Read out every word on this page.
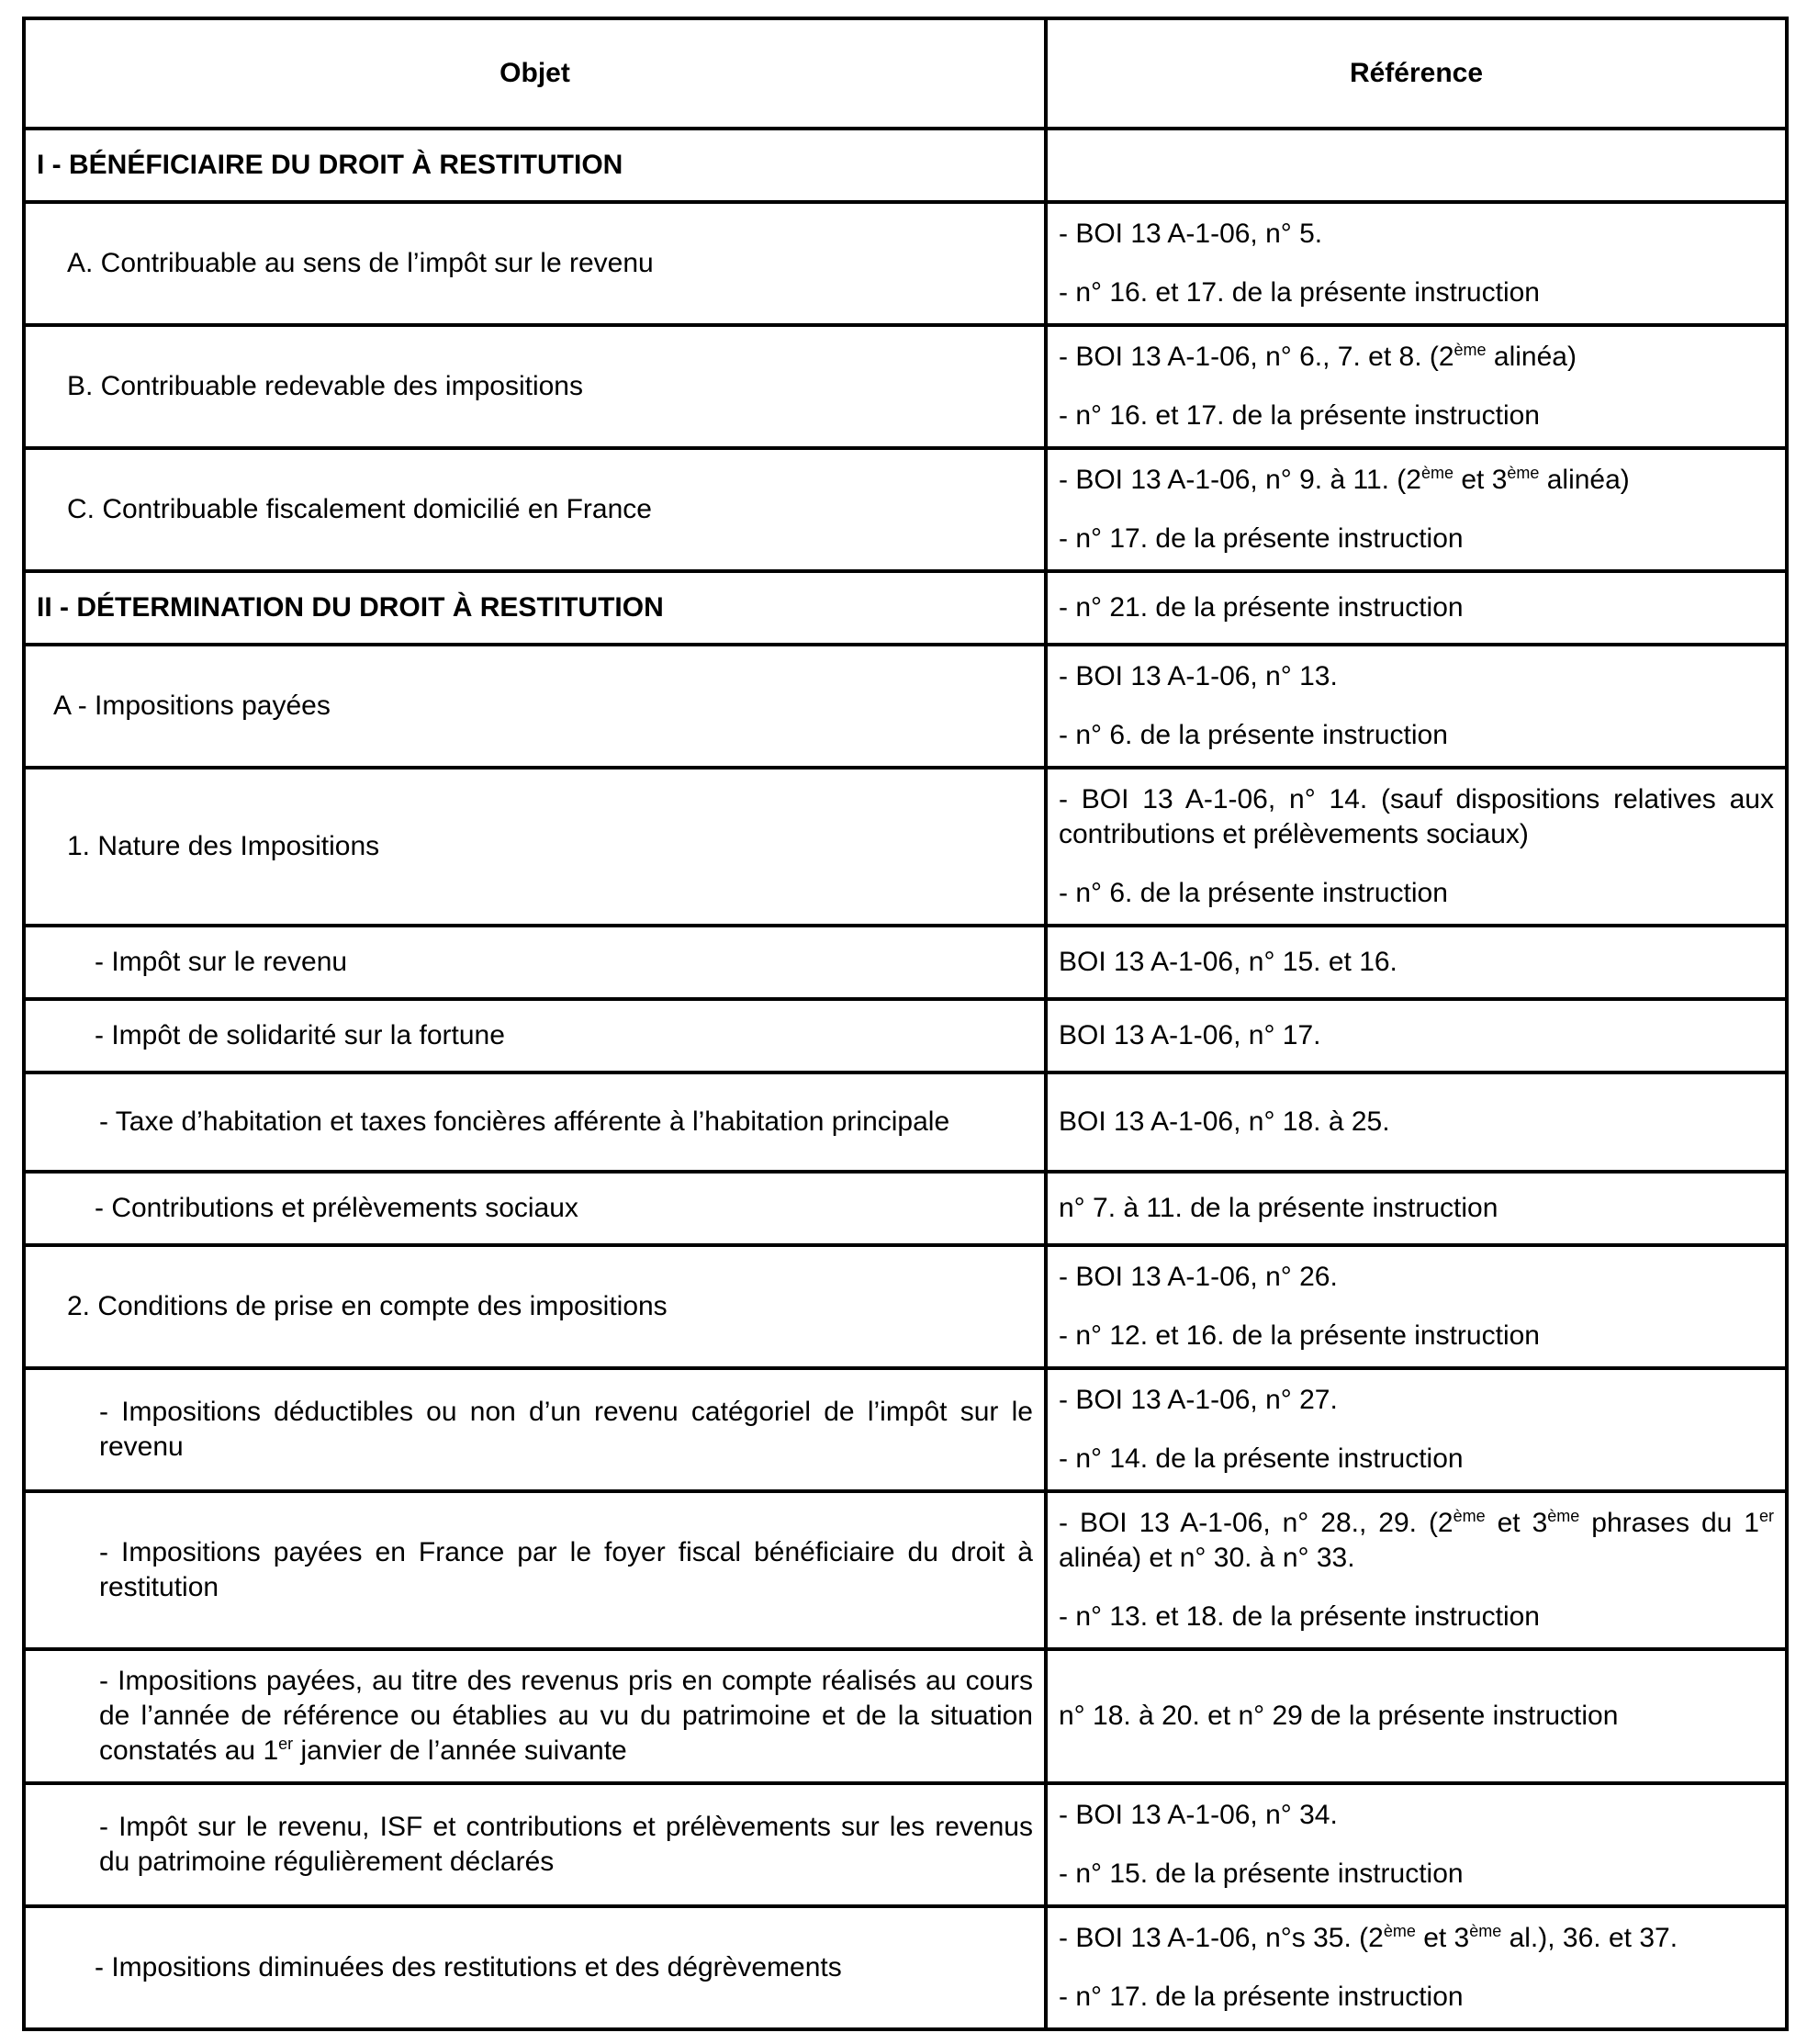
Objet	Référence
I - BÉNÉFICIAIRE DU DROIT À RESTITUTION	
A. Contribuable au sens de l’impôt sur le revenu	- BOI 13 A-1-06, n° 5.

- n° 16. et 17. de la présente instruction

B. Contribuable redevable des impositions	- BOI 13 A-1-06, n° 6., 7. et 8. (2ème alinéa)

- n° 16. et 17. de la présente instruction

C. Contribuable fiscalement domicilié en France	- BOI 13 A-1-06, n° 9. à 11. (2ème et 3ème alinéa)

- n° 17. de la présente instruction

II - DÉTERMINATION DU DROIT À RESTITUTION	- n° 21. de la présente instruction

A - Impositions payées	- BOI 13 A-1-06, n° 13.

- n° 6. de la présente instruction

1. Nature des Impositions	- BOI 13 A-1-06, n° 14. (sauf dispositions relatives aux contributions et prélèvements sociaux)

- n° 6. de la présente instruction

- Impôt sur le revenu	BOI 13 A-1-06, n° 15. et 16.

- Impôt de solidarité sur la fortune	BOI 13 A-1-06, n° 17.

- Taxe d’habitation et taxes foncières afférente à l’habitation principale	BOI 13 A-1-06, n° 18. à 25.

- Contributions et prélèvements sociaux	n° 7. à 11. de la présente instruction

2. Conditions de prise en compte des impositions	- BOI 13 A-1-06, n° 26.

- n° 12. et 16. de la présente instruction

- Impositions déductibles ou non d’un revenu catégoriel de l’impôt sur le revenu	- BOI 13 A-1-06, n° 27.

- n° 14. de la présente instruction

- Impositions payées en France par le foyer fiscal bénéficiaire du droit à restitution	- BOI 13 A-1-06, n° 28., 29. (2ème et 3ème phrases du 1er alinéa) et n° 30. à n° 33.

- n° 13. et 18. de la présente instruction

- Impositions payées, au titre des revenus pris en compte réalisés au cours de l’année de référence ou établies au vu du patrimoine et de la situation constatés au 1er janvier de l’année suivante	n° 18. à 20. et n° 29 de la présente instruction

- Impôt sur le revenu, ISF et contributions et prélèvements sur les revenus du patrimoine régulièrement déclarés	- BOI 13 A-1-06, n° 34.

- n° 15. de la présente instruction

- Impositions diminuées des restitutions et des dégrèvements	- BOI 13 A-1-06, n°s 35. (2ème et 3ème al.), 36. et 37.

- n° 17. de la présente instruction
